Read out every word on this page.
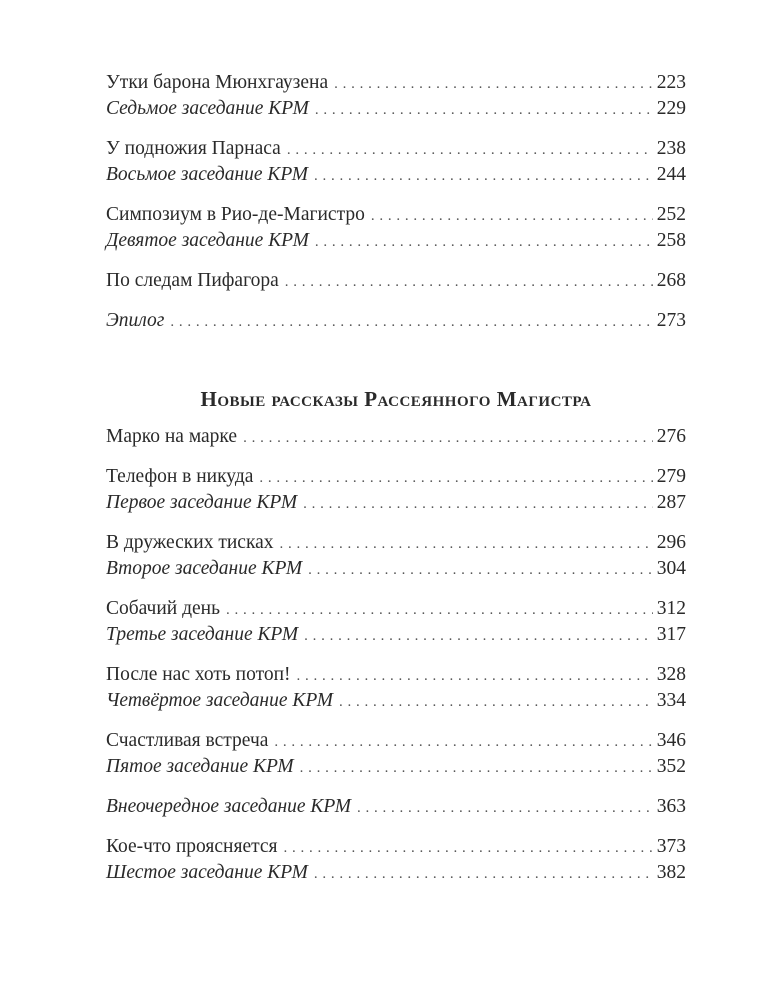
Утки барона Мюнхгаузена . . .	223
Седьмое заседание КРМ . . .	229
У подножия Парнаса . . .	238
Восьмое заседание КРМ . . .	244
Симпозиум в Рио-де-Магистро . . .	252
Девятое заседание КРМ . . .	258
По следам Пифагора . . .	268
Эпилог . . .	273
Новые рассказы Рассеянного Магистра
Марко на марке . . .	276
Телефон в никуда . . .	279
Первое заседание КРМ . . .	287
В дружеских тисках . . .	296
Второе заседание КРМ . . .	304
Собачий день . . .	312
Третье заседание КРМ . . .	317
После нас хоть потоп! . . .	328
Четвёртое заседание КРМ . . .	334
Счастливая встреча . . .	346
Пятое заседание КРМ . . .	352
Внеочередное заседание КРМ . . .	363
Кое-что проясняется . . .	373
Шестое заседание КРМ . . .	382
